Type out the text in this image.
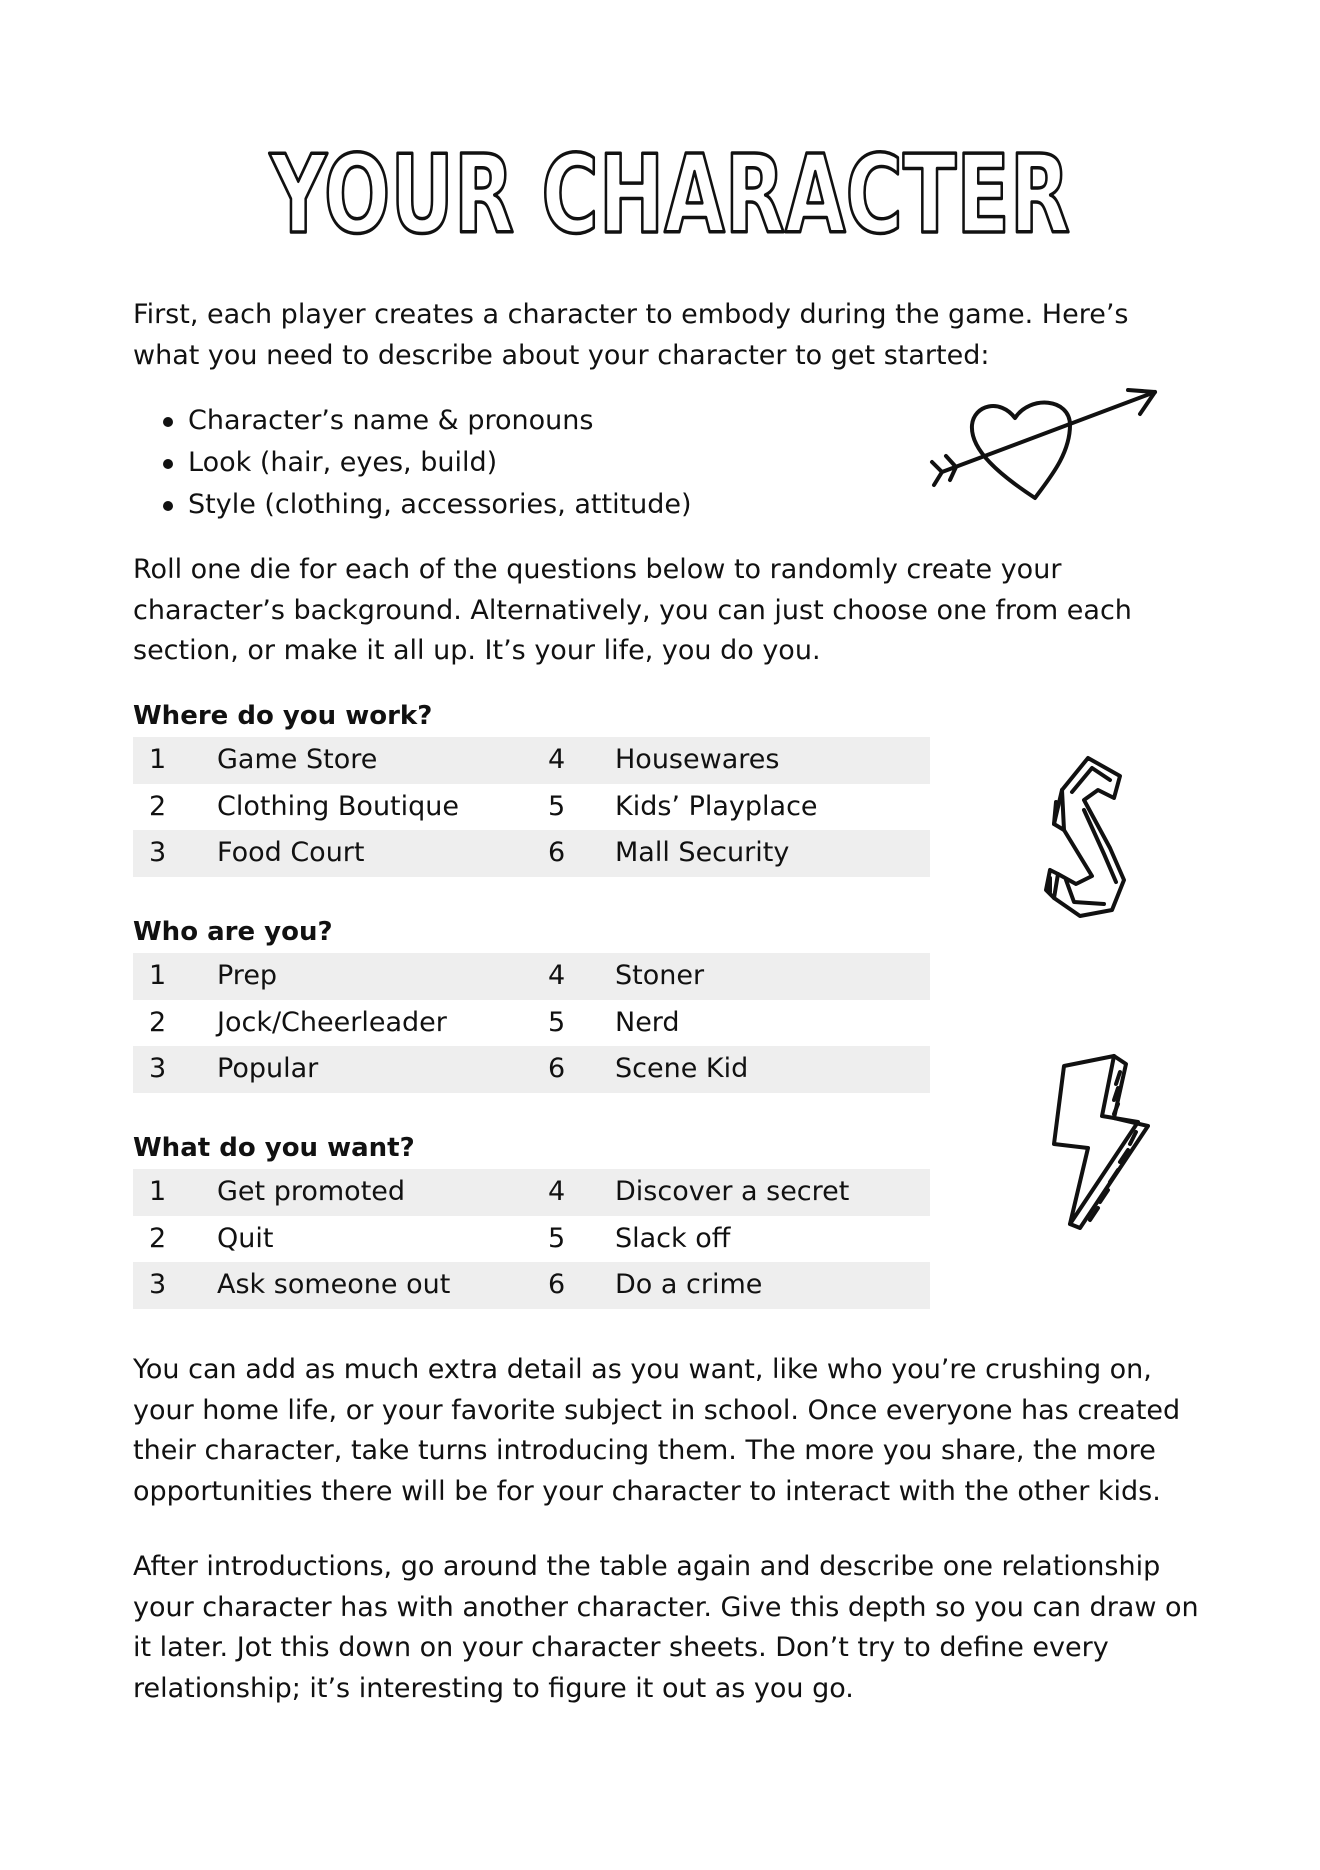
YOUR CHARACTER

First, each player creates a character to embody during the game. Here’s what you need to describe about your character to get started:

Character’s name & pronouns
Look (hair, eyes, build)
Style (clothing, accessories, attitude)

Roll one die for each of the questions below to randomly create your character’s background. Alternatively, you can just choose one from each section, or make it all up. It’s your life, you do you.

Where do you work?
1 Game Store	4 Housewares
2 Clothing Boutique	5 Kids’ Playplace
3 Food Court	6 Mall Security
Who are you?
1 Prep	4 Stoner
2 Jock/Cheerleader	5 Nerd
3 Popular	6 Scene Kid
What do you want?
1 Get promoted	4 Discover a secret
2 Quit	5 Slack off
3 Ask someone out	6 Do a crime

You can add as much extra detail as you want, like who you’re crushing on, your home life, or your favorite subject in school. Once everyone has created their character, take turns introducing them. The more you share, the more opportunities there will be for your character to interact with the other kids.

After introductions, go around the table again and describe one relationship your character has with another character. Give this depth so you can draw on it later. Jot this down on your character sheets. Don’t try to define every relationship; it’s interesting to figure it out as you go.
